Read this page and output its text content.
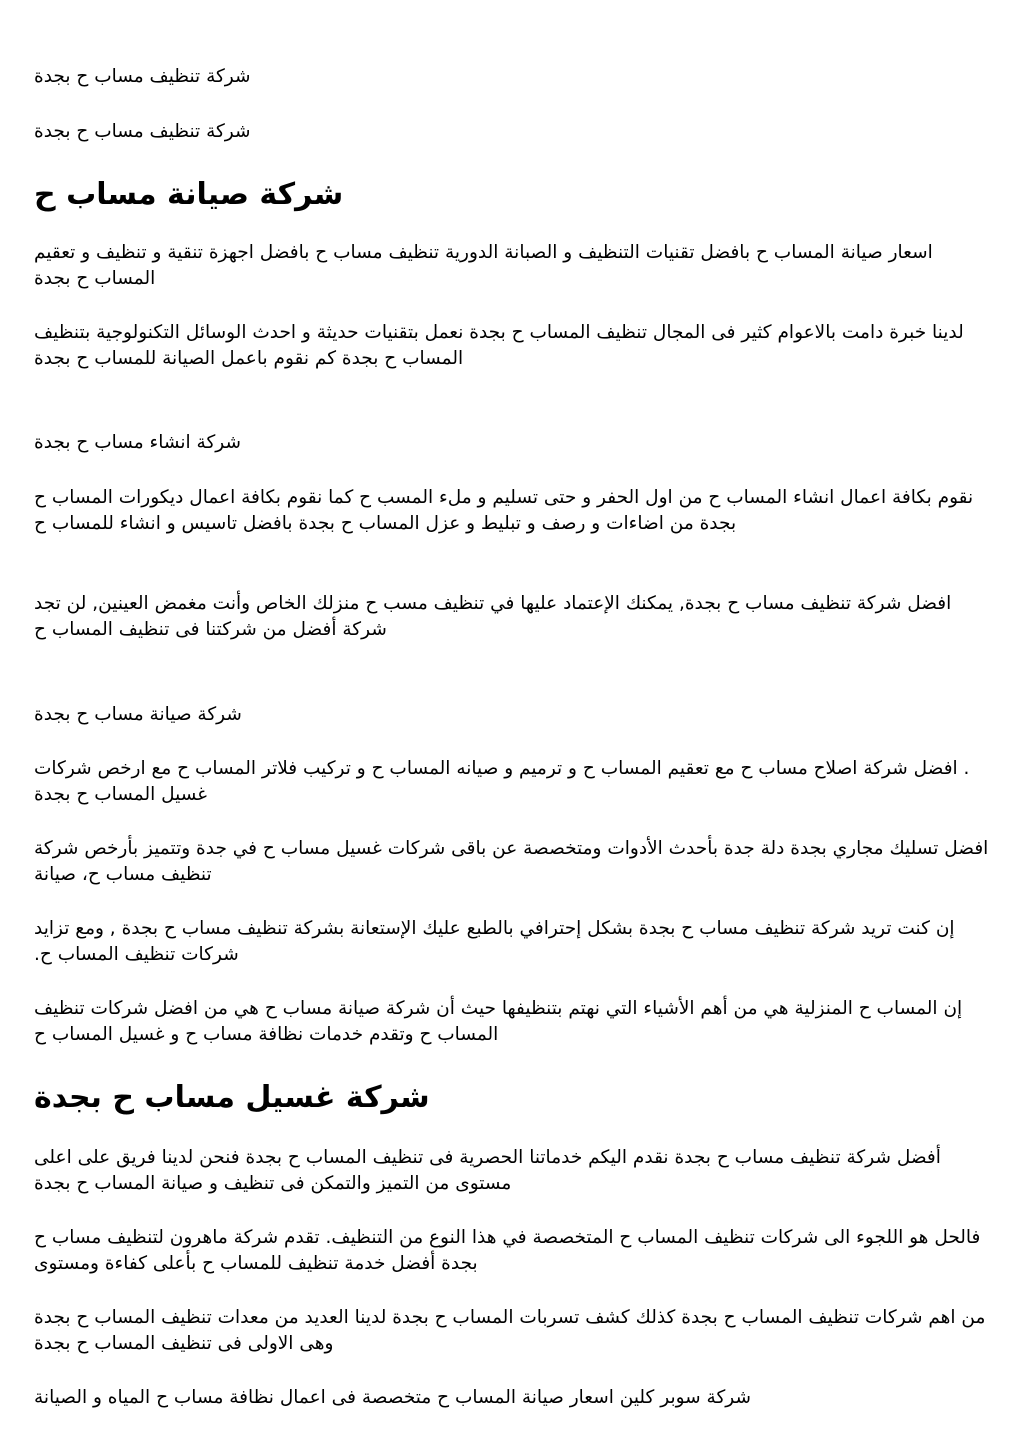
شركة تنظيف مساب ح بجدة

شركة تنظيف مساب ح بجدة

شركة صيانة مساب ح

اسعار صيانة المساب ح بافضل تقنيات التنظيف و الصبانة الدورية تنظيف مساب ح بافضل اجهزة تنقية و تنظيف و تعقيم المساب ح بجدة

لدينا خبرة دامت بالاعوام كثير فى المجال تنظيف المساب ح بجدة نعمل بتقنيات حديثة و احدث الوسائل التكنولوجية بتنظيف المساب ح بجدة كم نقوم باعمل الصيانة للمساب ح بجدة

شركة انشاء مساب ح بجدة

نقوم بكافة اعمال انشاء المساب ح من اول الحفر و حتى تسليم و ملء المسب ح كما نقوم بكافة اعمال ديكورات المساب ح بجدة من اضاءات و رصف و تبليط و عزل المساب ح بجدة بافضل تاسيس و انشاء للمساب ح

افضل شركة تنظيف مساب ح بجدة, يمكنك الإعتماد عليها في تنظيف مسب ح منزلك الخاص وأنت مغمض العينين, لن تجد شركة أفضل من شركتنا فى تنظيف المساب ح

شركة صيانة مساب ح بجدة

. افضل شركة اصلاح مساب ح مع تعقيم المساب ح و ترميم و صيانه المساب ح و تركيب فلاتر المساب ح مع ارخص شركات غسيل المساب ح بجدة

افضل تسليك مجاري بجدة دلة جدة بأحدث الأدوات ومتخصصة عن باقى شركات غسيل مساب ح في جدة وتتميز بأرخص شركة تنظيف مساب ح، صيانة

إن كنت تريد شركة تنظيف مساب ح بجدة بشكل إحترافي بالطبع عليك الإستعانة بشركة تنظيف مساب ح بجدة , ومع تزايد شركات تنظيف المساب ح.

إن المساب ح المنزلية هي من أهم الأشياء التي نهتم بتنظيفها حيث أن شركة صيانة مساب ح هي من افضل شركات تنظيف المساب ح وتقدم خدمات نظافة مساب ح و غسيل المساب ح

شركة غسيل مساب ح بجدة

أفضل شركة تنظيف مساب ح بجدة نقدم اليكم خدماتنا الحصرية فى تنظيف المساب ح بجدة فنحن لدينا فريق على اعلى مستوى من التميز والتمكن فى تنظيف و صيانة المساب ح بجدة

فالحل هو اللجوء الى شركات تنظيف المساب ح المتخصصة في هذا النوع من التنظيف. تقدم شركة ماهرون لتنظيف مساب ح بجدة أفضل خدمة تنظيف للمساب ح بأعلى كفاءة ومستوى

من اهم شركات تنظيف المساب ح بجدة كذلك كشف تسربات المساب ح بجدة لدينا العديد من معدات تنظيف المساب ح بجدة وهى الاولى فى تنظيف المساب ح بجدة

شركة سوبر كلين اسعار صيانة المساب ح متخصصة فى اعمال نظافة مساب ح المياه و الصيانة
